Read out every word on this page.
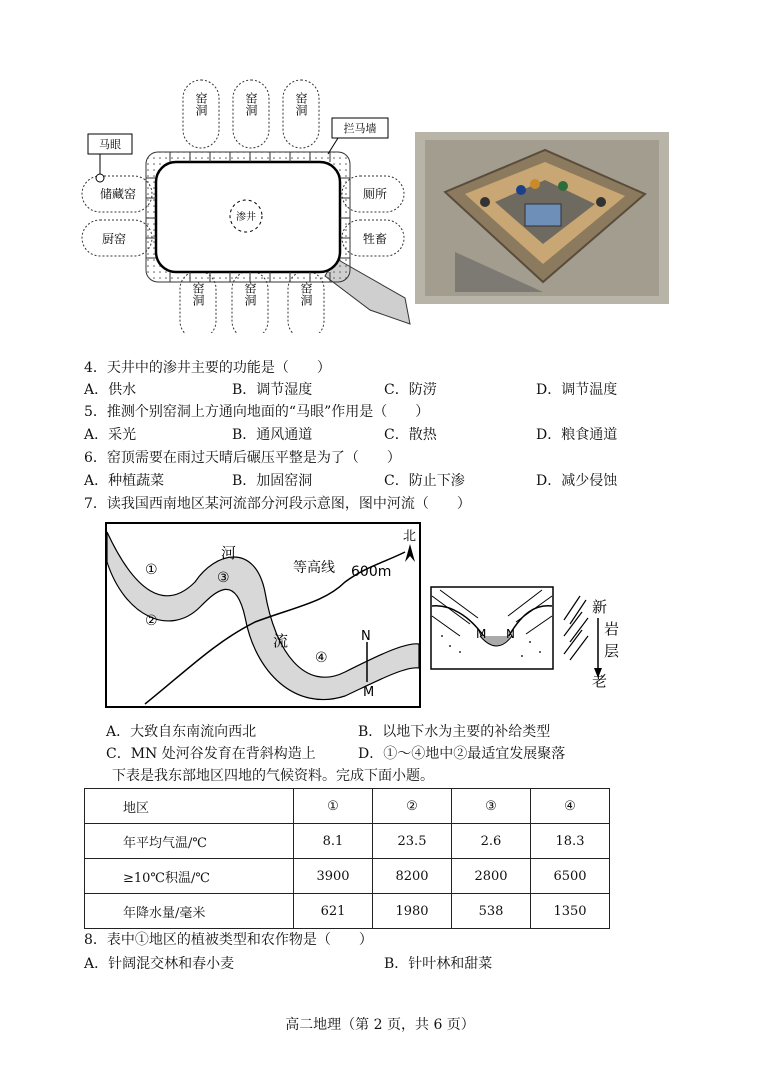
渗井
窑洞	窑洞	窑洞
窑洞	窑洞	窑洞
储藏窑
厨窑
厕所
牲畜
马眼
拦马墙
4．天井中的渗井主要的功能是（　　）
A．供水	B．调节湿度	C．防涝	D．调节温度
5．推测个别窑洞上方通向地面的“马眼”作用是（　　）
A．采光	B．通风通道	C．散热	D．粮食通道
6．窑顶需要在雨过天晴后碾压平整是为了（　　）
A．种植蔬菜	B．加固窑洞	C．防止下渗	D．减少侵蚀
7．读我国西南地区某河流部分河段示意图，图中河流（　　）
河
流
等高线 600m
北
①
②
③
④
N
M
M N
新
岩
层
老
A．大致自东南流向西北	B．以地下水为主要的补给类型
C．MN 处河谷发育在背斜构造上	D．①～④地中②最适宜发展聚落
下表是我东部地区四地的气候资料。完成下面小题。
地区	①	②	③	④
年平均气温/℃	8.1	23.5	2.6	18.3
≥10℃积温/℃	3900	8200	2800	6500
年降水量/毫米	621	1980	538	1350
8．表中①地区的植被类型和农作物是（　　）
A．针阔混交林和春小麦	B．针叶林和甜菜
高二地理（第 2 页，共 6 页）
